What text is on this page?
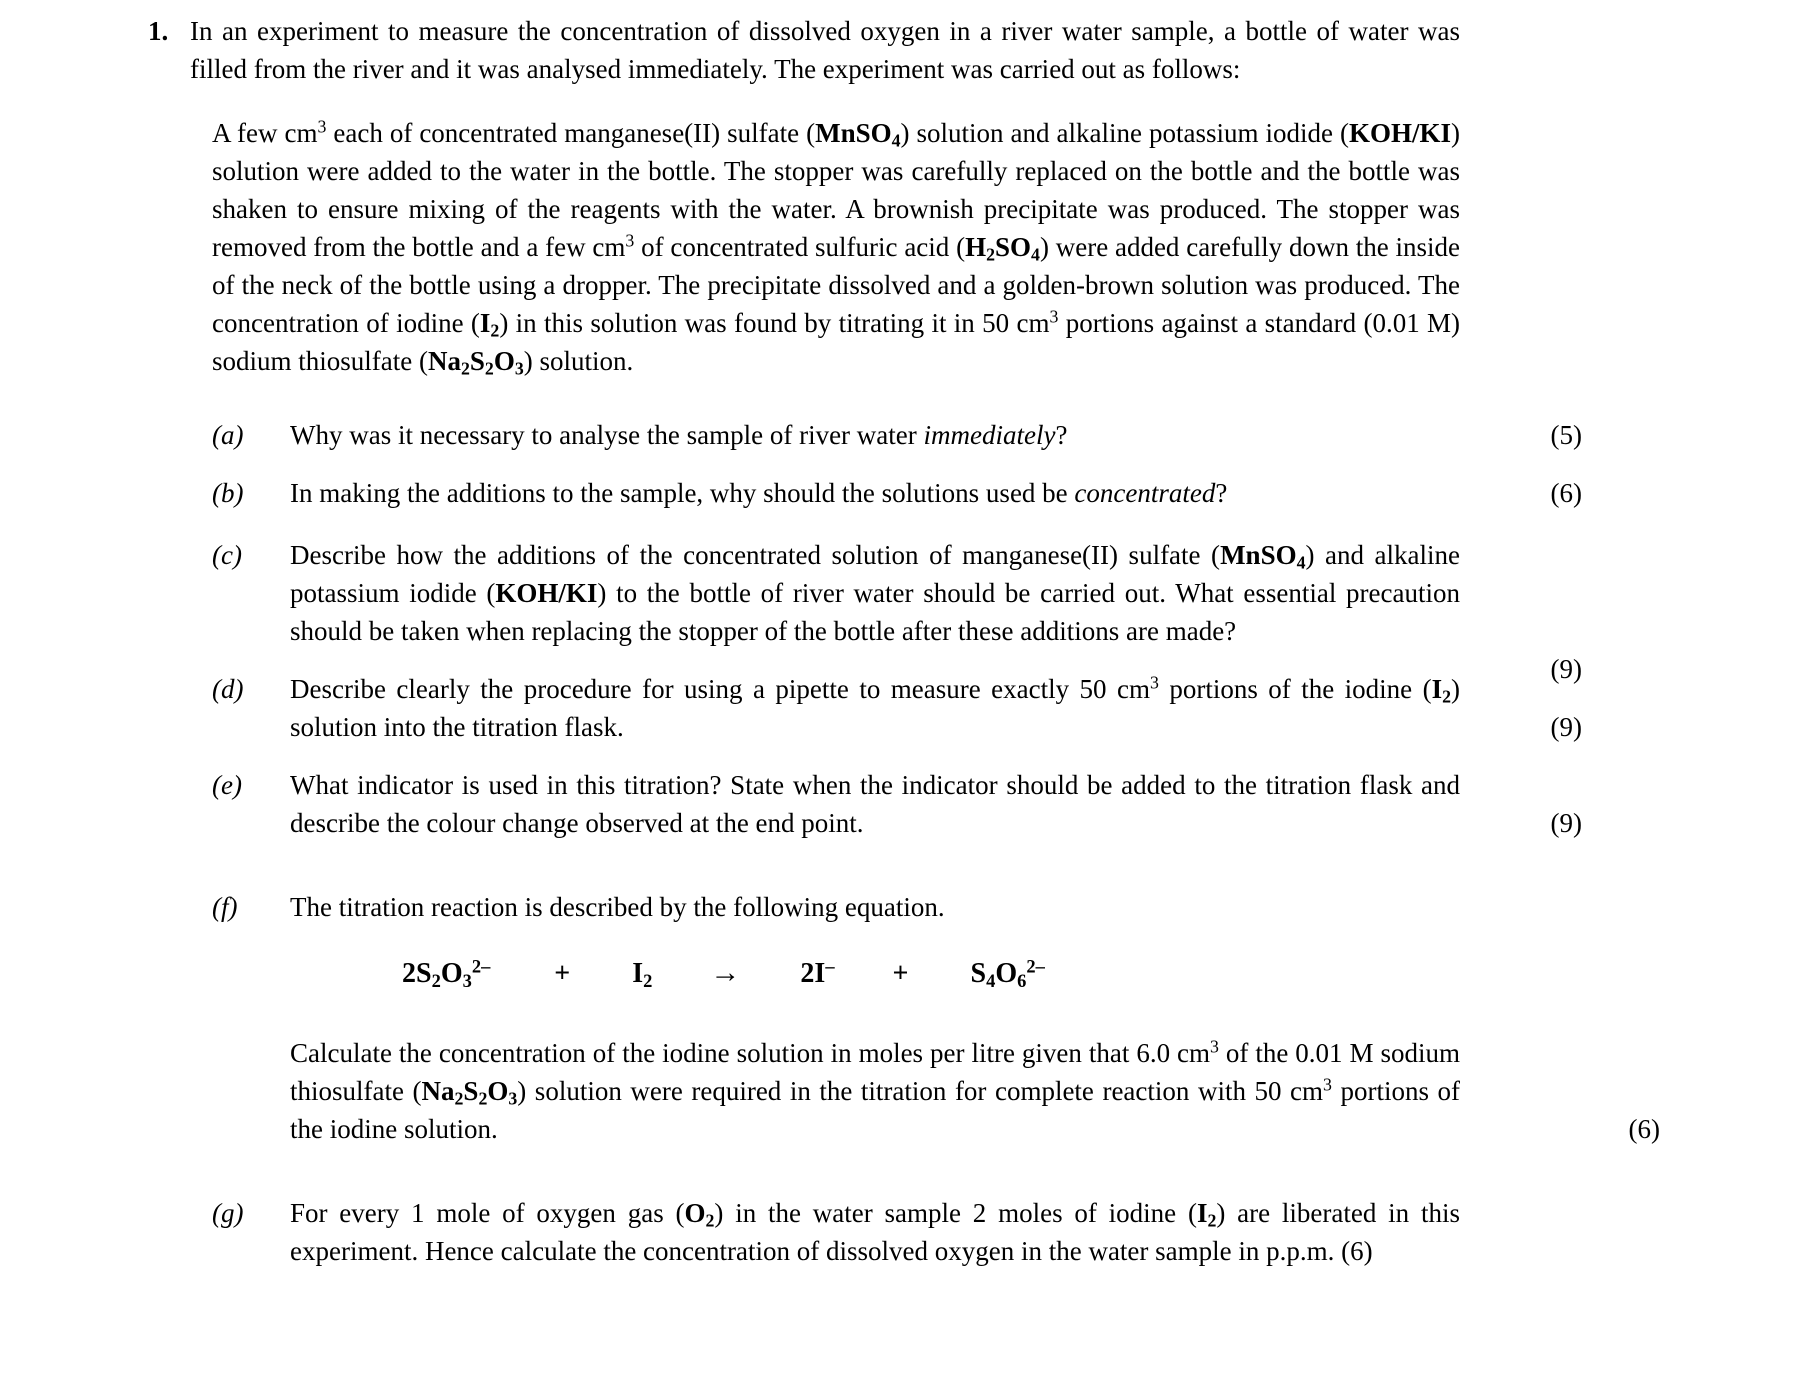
1. In an experiment to measure the concentration of dissolved oxygen in a river water sample, a bottle of water was filled from the river and it was analysed immediately. The experiment was carried out as follows:
A few $cm^3$ each of concentrated manganese(II) sulfate (MnSO$_4$) solution and alkaline potassium iodide (KOH/KI) solution were added to the water in the bottle. The stopper was carefully replaced on the bottle and the bottle was shaken to ensure mixing of the reagents with the water. A brownish precipitate was produced. The stopper was removed from the bottle and a few $cm^3$ of concentrated sulfuric acid $(H_2SO_4)$ were added carefully down the inside of the neck of the bottle using a dropper. The precipitate dissolved and a golden-brown solution was produced. The concentration of iodine $(I_2)$ in this solution was found by titrating it in 50 $cm^3$ portions against a standard (0.01 M) sodium thiosulfate $(Na_2S_2O_3)$ solution.
(a)	Why was it necessary to analyse the sample of river water immediately?	(5)
(b)	In making the additions to the sample, why should the solutions used be concentrated?	(6)
(c)	Describe how the additions of the concentrated solution of manganese(II) sulfate (MnSO$_4$) and alkaline potassium iodide (KOH/KI) to the bottle of river water should be carried out. What essential precaution should be taken when replacing the stopper of the bottle after these additions are made?
(9)
(d)	Describe clearly the procedure for using a pipette to measure exactly 50 $cm^3$ portions of the iodine $(I_2)$ solution into the titration flask.	(9)
(e)	What indicator is used in this titration? State when the indicator should be added to the titration flask and describe the colour change observed at the end point.	(9)
(f)	The titration reaction is described by the following equation.
$2S_2O_3^{2-} + I_2 \to 2I^- + S_4O_6^{2-}$
Calculate the concentration of the iodine solution in moles per litre given that 6.0 $cm^3$ of the 0.01 M sodium thiosulfate $(Na_2S_2O_3)$ solution were required in the titration for complete reaction with 50 $cm^3$ portions of the iodine solution.	(6)
(g)	For every 1 mole of oxygen gas $(O_2)$ in the water sample 2 moles of iodine $(I_2)$ are liberated in this experiment. Hence calculate the concentration of dissolved oxygen in the water sample in p.p.m. (6)
